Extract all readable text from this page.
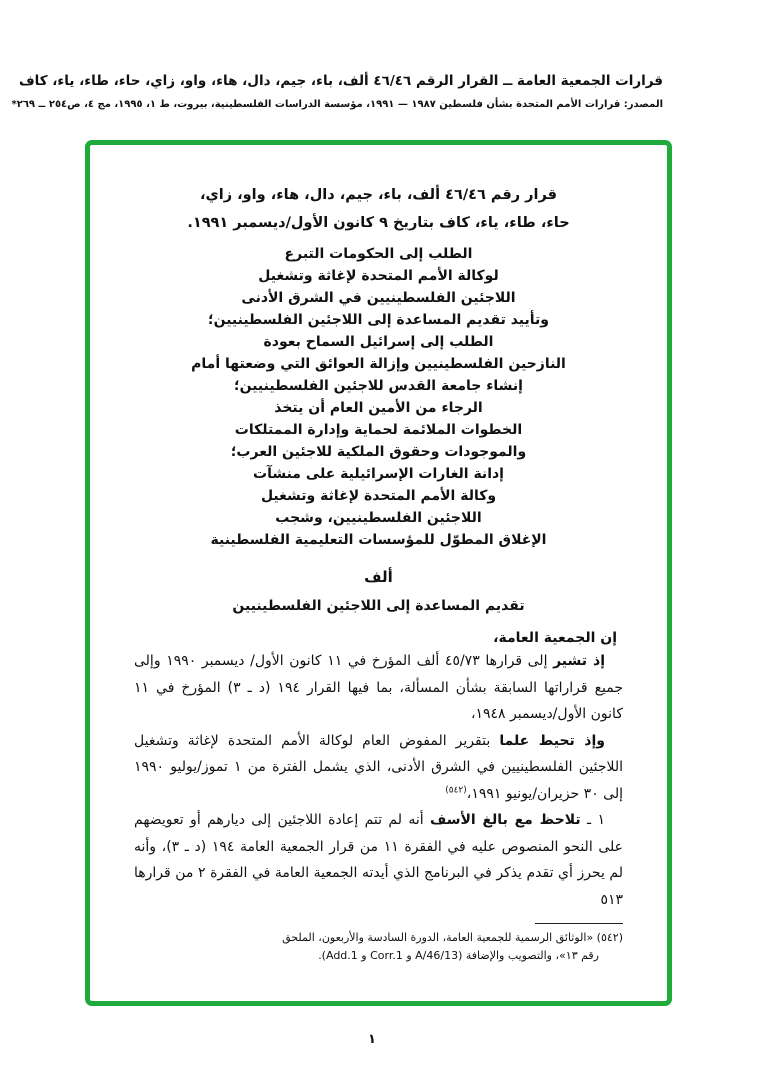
قرارات الجمعية العامة ــ القرار الرقم ٤٦/٤٦ ألف، باء، جيم، دال، هاء، واو، زاي، حاء، طاء، ياء، كاف
المصدر: قرارات الأمم المتحدة بشأن فلسطين ١٩٨٧ — ١٩٩١، مؤسسة الدراسات الفلسطينية، بيروت، ط ١، ١٩٩٥، مج ٤، ص٢٥٤ ــ ٢٦٩*
قرار رقم ٤٦/٤٦ ألف، باء، جيم، دال، هاء، واو، زاي،
حاء، طاء، ياء، كاف بتاريخ ٩ كانون الأول/ديسمبر ١٩٩١.
الطلب إلى الحكومات التبرع
لوكالة الأمم المتحدة لإغاثة وتشغيل
اللاجئين الفلسطينيين في الشرق الأدنى
وتأييد تقديم المساعدة إلى اللاجئين الفلسطينيين؛
الطلب إلى إسرائيل السماح بعودة
النازحين الفلسطينيين وإزالة العوائق التي وضعتها أمام
إنشاء جامعة القدس للاجئين الفلسطينيين؛
الرجاء من الأمين العام أن يتخذ
الخطوات الملائمة لحماية وإدارة الممتلكات
والموجودات وحقوق الملكية للاجئين العرب؛
إدانة الغارات الإسرائيلية على منشآت
وكالة الأمم المتحدة لإغاثة وتشغيل
اللاجئين الفلسطينيين، وشجب
الإغلاق المطوّل للمؤسسات التعليمية الفلسطينية
ألف
تقديم المساعدة إلى اللاجئين الفلسطينيين

إن الجمعية العامة،

إذ تشير إلى قرارها ٤٥/٧٣ ألف المؤرخ في ١١ كانون الأول/ ديسمبر ١٩٩٠ وإلى جميع قراراتها السابقة بشأن المسألة، بما فيها القرار ١٩٤ (د ـ ٣) المؤرخ في ١١ كانون الأول/ديسمبر ١٩٤٨،

وإذ تحيط علما بتقرير المفوض العام لوكالة الأمم المتحدة لإغاثة وتشغيل اللاجئين الفلسطينيين في الشرق الأدنى، الذي يشمل الفترة من ١ تموز/يوليو ١٩٩٠ إلى ٣٠ حزيران/يونيو ١٩٩١،$^{(٥٤٢)}$

١ ـ تلاحظ مع بالغ الأسف أنه لم تتم إعادة اللاجئين إلى ديارهم أو تعويضهم على النحو المنصوص عليه في الفقرة ١١ من قرار الجمعية العامة ١٩٤ (د ـ ٣)، وأنه لم يحرز أي تقدم يذكر في البرنامج الذي أيدته الجمعية العامة في الفقرة ٢ من قرارها ٥١٣

(٥٤٢) «الوثائق الرسمية للجمعية العامة، الدورة السادسة والأربعون، الملحق رقم ١٣»، والتصويب والإضافة (A/46/13 و Corr.1 و Add.1).

١
